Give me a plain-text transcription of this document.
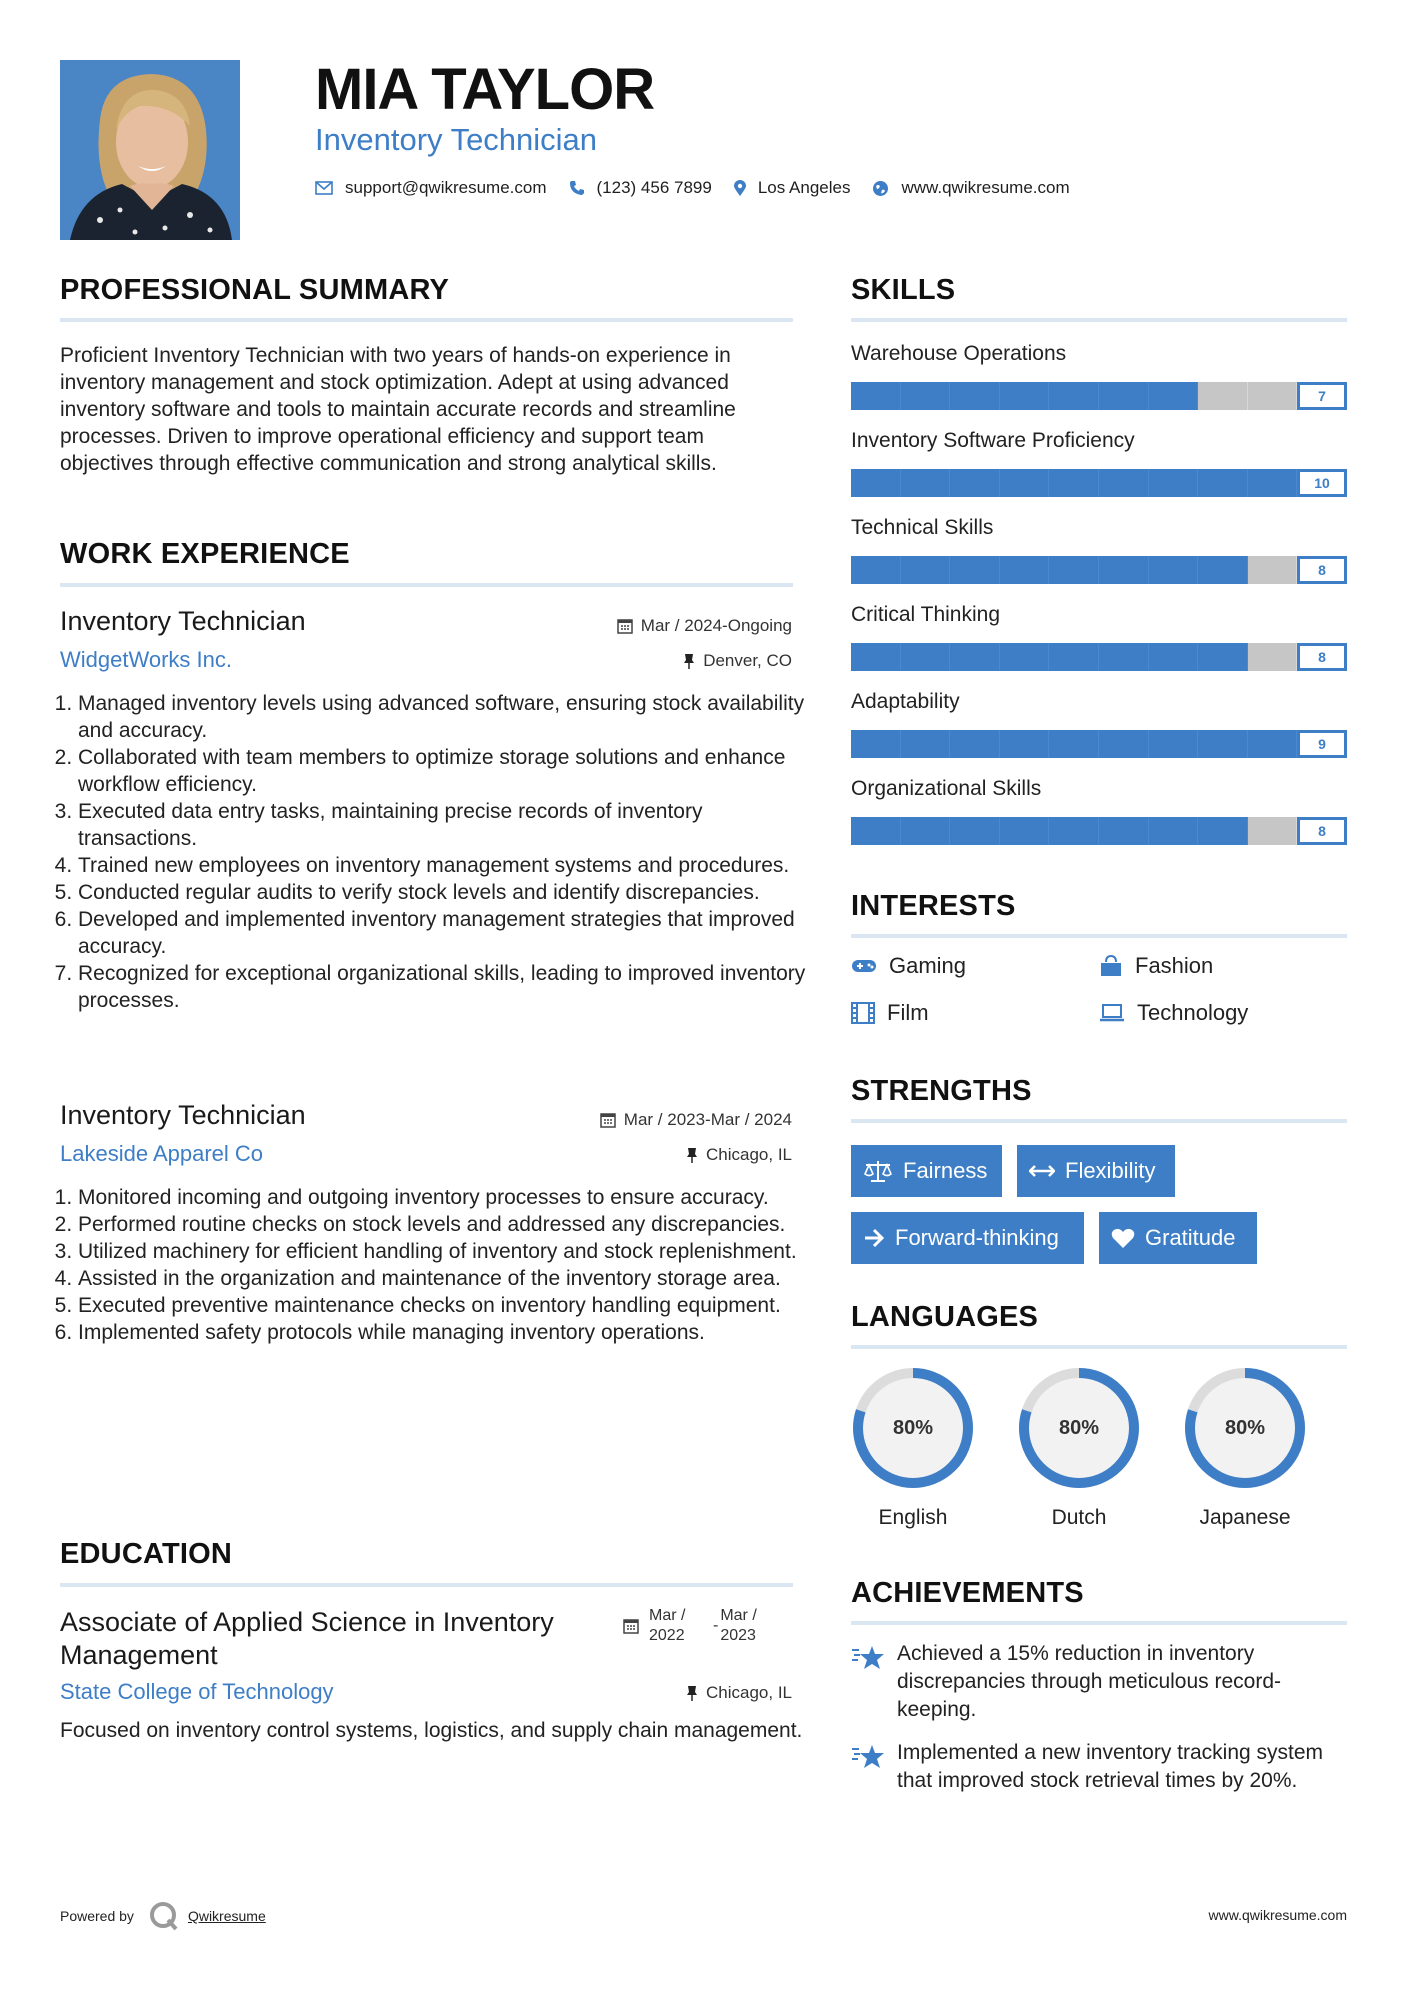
MIA TAYLOR
Inventory Technician
support@qwikresume.com	(123) 456 7899	Los Angeles	www.qwikresume.com
PROFESSIONAL SUMMARY
Proficient Inventory Technician with two years of hands-on experience in inventory management and stock optimization. Adept at using advanced inventory software and tools to maintain accurate records and streamline processes. Driven to improve operational efficiency and support team objectives through effective communication and strong analytical skills.
WORK EXPERIENCE
Inventory Technician	Mar / 2024-Ongoing
WidgetWorks Inc.	Denver, CO
1. Managed inventory levels using advanced software, ensuring stock availability and accuracy.
2. Collaborated with team members to optimize storage solutions and enhance workflow efficiency.
3. Executed data entry tasks, maintaining precise records of inventory transactions.
4. Trained new employees on inventory management systems and procedures.
5. Conducted regular audits to verify stock levels and identify discrepancies.
6. Developed and implemented inventory management strategies that improved accuracy.
7. Recognized for exceptional organizational skills, leading to improved inventory processes.
Inventory Technician	Mar / 2023-Mar / 2024
Lakeside Apparel Co	Chicago, IL
1. Monitored incoming and outgoing inventory processes to ensure accuracy.
2. Performed routine checks on stock levels and addressed any discrepancies.
3. Utilized machinery for efficient handling of inventory and stock replenishment.
4. Assisted in the organization and maintenance of the inventory storage area.
5. Executed preventive maintenance checks on inventory handling equipment.
6. Implemented safety protocols while managing inventory operations.
EDUCATION
Associate of Applied Science in Inventory Management
Mar / 2022
-
Mar / 2023
State College of Technology	Chicago, IL
Focused on inventory control systems, logistics, and supply chain management.
SKILLS
Warehouse Operations
7
Inventory Software Proficiency
10
Technical Skills
8
Critical Thinking
8
Adaptability
9
Organizational Skills
8
INTERESTS
Gaming	Fashion
Film	Technology
STRENGTHS
Fairness	Flexibility
Forward-thinking	Gratitude
LANGUAGES
80%
English
80%
Dutch
80%
Japanese
ACHIEVEMENTS
Achieved a 15% reduction in inventory discrepancies through meticulous record-keeping.
Implemented a new inventory tracking system that improved stock retrieval times by 20%.
Powered by	Qwikresume	www.qwikresume.com
